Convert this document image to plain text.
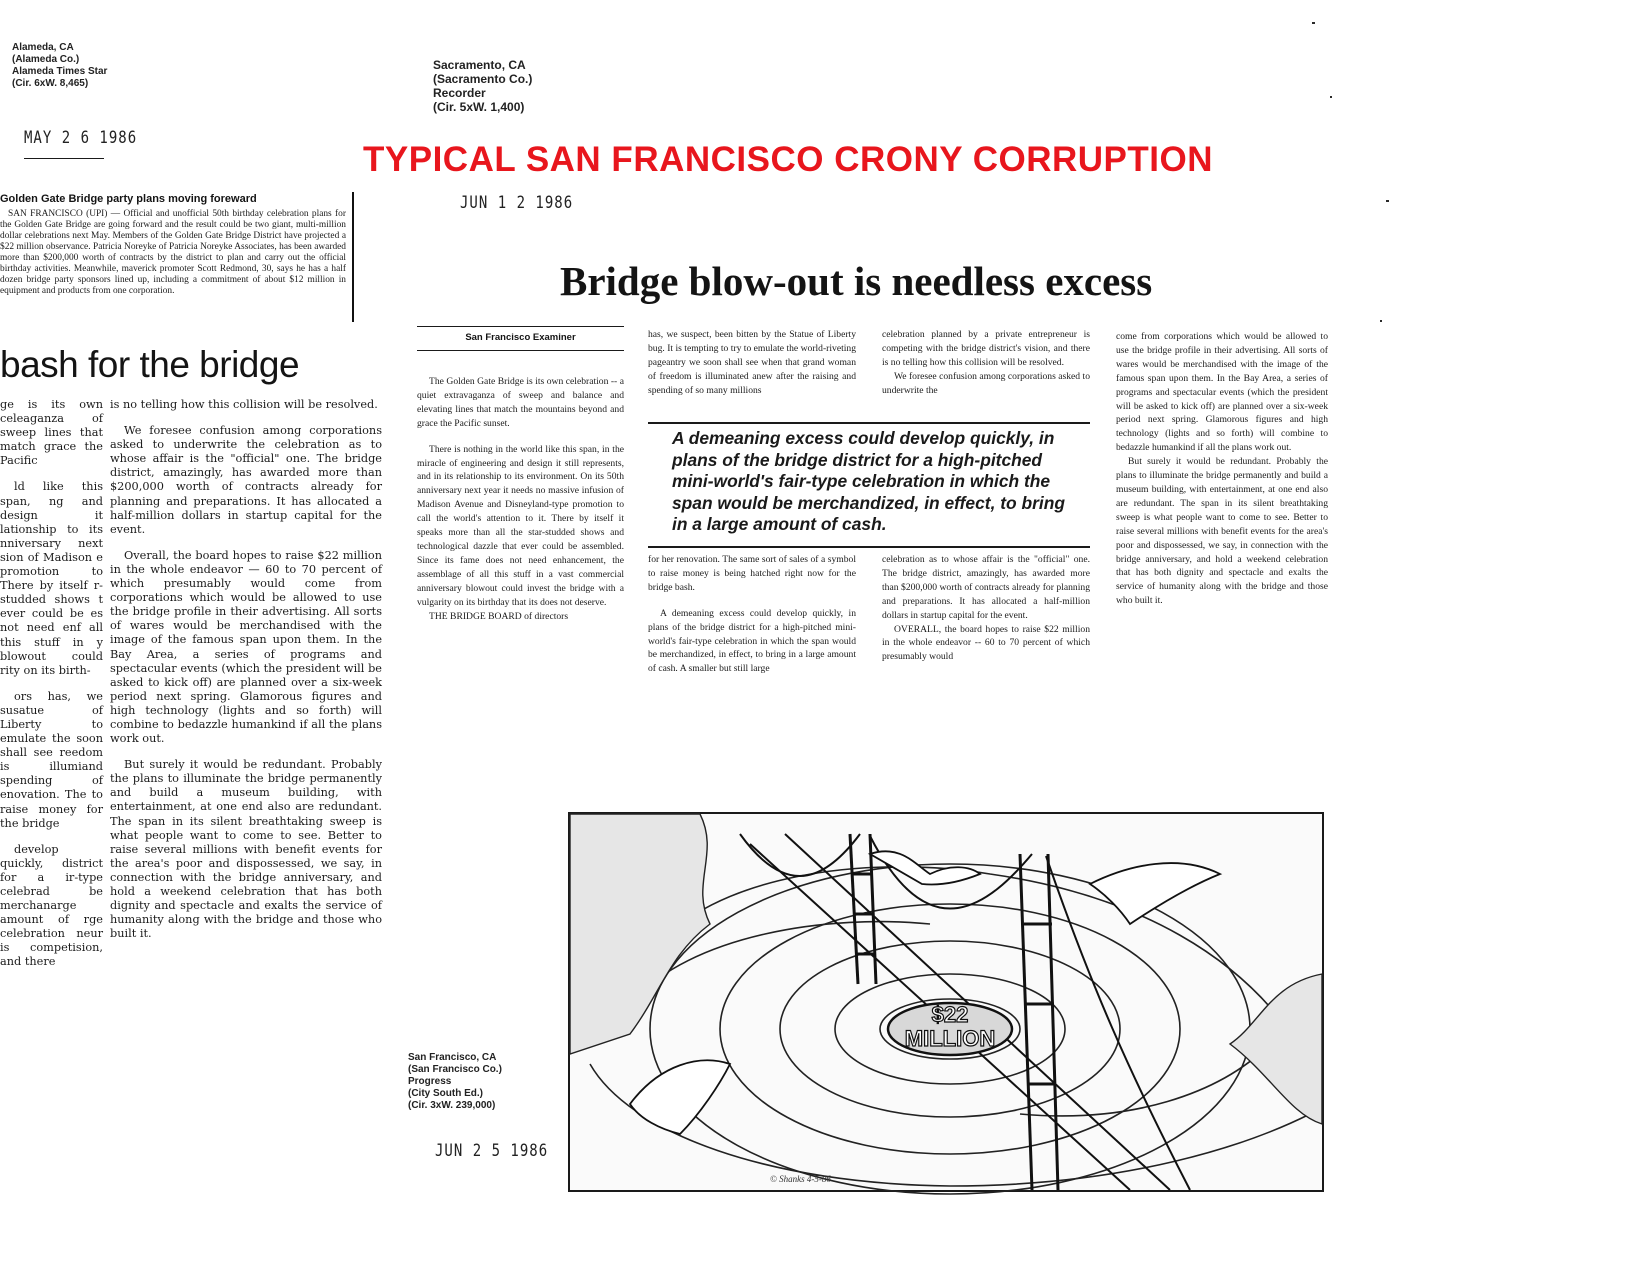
TYPICAL SAN FRANCISCO CRONY CORRUPTION
Alameda, CA
(Alameda Co.)
Alameda Times Star
(Cir. 6xW. 8,465)
MAY 2 6 1986
Golden Gate Bridge party plans moving foreward
SAN FRANCISCO (UPI) — Official and unofficial 50th birthday celebration plans for the Golden Gate Bridge are going forward and the result could be two giant, multi-million dollar celebrations next May. Members of the Golden Gate Bridge District have projected a $22 million observance. Patricia Noreyke of Patricia Noreyke Associates, has been awarded more than $200,000 worth of contracts by the district to plan and carry out the official birthday activities. Meanwhile, maverick promoter Scott Redmond, 30, says he has a half dozen bridge party sponsors lined up, including a commitment of about $12 million in equipment and products from one corporation.
bash for the bridge

ge is its own celeaganza of sweep lines that match grace the Pacific

ld like this span, ng and design it lationship to its nniversary next sion of Madison e promotion to There by itself r-studded shows t ever could be es not need enf all this stuff in y blowout could rity on its birth-

ors has, we susatue of Liberty to emulate the soon shall see reedom is illumiand spending of enovation. The to raise money for the bridge

develop quickly, district for a ir-type celebrad be merchanarge amount of rge celebration neur is competision, and there

is no telling how this collision will be resolved.

We foresee confusion among corporations asked to underwrite the celebration as to whose affair is the "official" one. The bridge district, amazingly, has awarded more than $200,000 worth of contracts already for planning and preparations. It has allocated a half-million dollars in startup capital for the event.

Overall, the board hopes to raise $22 million in the whole endeavor — 60 to 70 percent of which presumably would come from corporations which would be allowed to use the bridge profile in their advertising. All sorts of wares would be merchandised with the image of the famous span upon them. In the Bay Area, a series of programs and spectacular events (which the president will be asked to kick off) are planned over a six-week period next spring. Glamorous figures and high technology (lights and so forth) will combine to bedazzle humankind if all the plans work out.

But surely it would be redundant. Probably the plans to illuminate the bridge permanently and build a museum building, with entertainment, at one end also are redundant. The span in its silent breathtaking sweep is what people want to come to see. Better to raise several millions with benefit events for the area's poor and dispossessed, we say, in connection with the bridge anniversary, and hold a weekend celebration that has both dignity and spectacle and exalts the service of humanity along with the bridge and those who built it.

Sacramento, CA
(Sacramento Co.)
Recorder
(Cir. 5xW. 1,400)
JUN 1 2 1986
Bridge blow-out is needless excess
San Francisco Examiner

The Golden Gate Bridge is its own celebration -- a quiet extravaganza of sweep and balance and elevating lines that match the mountains beyond and grace the Pacific sunset.

There is nothing in the world like this span, in the miracle of engineering and design it still represents, and in its relationship to its environment. On its 50th anniversary next year it needs no massive infusion of Madison Avenue and Disneyland-type promotion to call the world's attention to it. There by itself it speaks more than all the star-studded shows and technological dazzle that ever could be assembled. Since its fame does not need enhancement, the assemblage of all this stuff in a vast commercial anniversary blowout could invest the bridge with a vulgarity on its birthday that its does not deserve.

THE BRIDGE BOARD of directors

has, we suspect, been bitten by the Statue of Liberty bug. It is tempting to try to emulate the world-riveting pageantry we soon shall see when that grand woman of freedom is illuminated anew after the raising and spending of so many millions

celebration planned by a private entrepreneur is competing with the bridge district's vision, and there is no telling how this collision will be resolved.

We foresee confusion among corporations asked to underwrite the

A demeaning excess could develop quickly, in plans of the bridge district for a high-pitched mini-world's fair-type celebration in which the span would be merchandized, in effect, to bring in a large amount of cash.

for her renovation. The same sort of sales of a symbol to raise money is being hatched right now for the bridge bash.

A demeaning excess could develop quickly, in plans of the bridge district for a high-pitched mini-world's fair-type celebration in which the span would be merchandized, in effect, to bring in a large amount of cash. A smaller but still large

celebration as to whose affair is the "official" one. The bridge district, amazingly, has awarded more than $200,000 worth of contracts already for planning and preparations. It has allocated a half-million dollars in startup capital for the event.

OVERALL, the board hopes to raise $22 million in the whole endeavor -- 60 to 70 percent of which presumably would

come from corporations which would be allowed to use the bridge profile in their advertising. All sorts of wares would be merchandised with the image of the famous span upon them. In the Bay Area, a series of programs and spectacular events (which the president will be asked to kick off) are planned over a six-week period next spring. Glamorous figures and high technology (lights and so forth) will combine to bedazzle humankind if all the plans work out.

But surely it would be redundant. Probably the plans to illuminate the bridge permanently and build a museum building, with entertainment, at one end also are redundant. The span in its silent breathtaking sweep is what people want to come to see. Better to raise several millions with benefit events for the area's poor and dispossessed, we say, in connection with the bridge anniversary, and hold a weekend celebration that has both dignity and spectacle and exalts the service of humanity along with the bridge and those who built it.

San Francisco, CA
(San Francisco Co.)
Progress
(City South Ed.)
(Cir. 3xW. 239,000)
JUN 2 5 1986
$22
MILLION
© Shanks 4-5-86
